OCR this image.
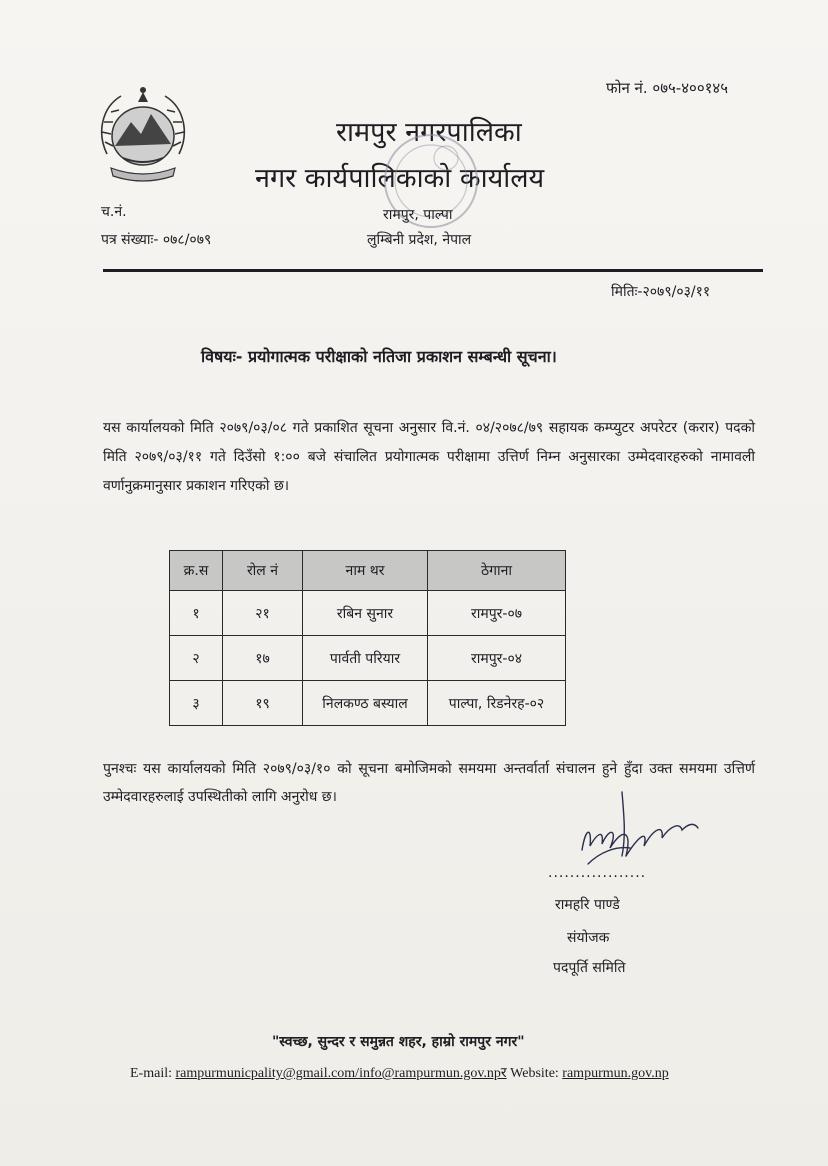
फोन नं. ०७५-४००१४५
रामपुर नगरपालिका
नगर कार्यपालिकाको कार्यालय
रामपुर, पाल्पा
लुम्बिनी प्रदेश, नेपाल
च.नं.
पत्र संख्याः- ०७८/०७९
मितिः-२०७९/०३/११
विषयः- प्रयोगात्मक परीक्षाको नतिजा प्रकाशन सम्बन्धी सूचना।
यस कार्यालयको मिति २०७९/०३/०८ गते प्रकाशित सूचना अनुसार वि.नं. ०४/२०७८/७९ सहायक कम्प्युटर अपरेटर (करार) पदको मिति २०७९/०३/११ गते दिउँसो १:०० बजे संचालित प्रयोगात्मक परीक्षामा उत्तिर्ण निम्न अनुसारका उम्मेदवारहरुको नामावली वर्णानुक्रमानुसार प्रकाशन गरिएको छ।
क्र.स	रोल नं	नाम थर	ठेगाना
१	२१	रबिन सुनार	रामपुर-०७
२	१७	पार्वती परियार	रामपुर-०४
३	१९	निलकण्ठ बस्याल	पाल्पा, रिडनेरह-०२
पुनश्चः यस कार्यालयको मिति २०७९/०३/१० को सूचना बमोजिमको समयमा अन्तर्वार्ता संचालन हुने हुँदा उक्त समयमा उत्तिर्ण उम्मेदवारहरुलाई उपस्थितीको लागि अनुरोध छ।
..................
रामहरि पाण्डे
संयोजक
पदपूर्ति समिति
"स्वच्छ, सुन्दर र समुन्नत शहर, हाम्रो रामपुर नगर"
E-mail: rampurmunicpality@gmail.com/info@rampurmun.gov.npर Website: rampurmun.gov.np
